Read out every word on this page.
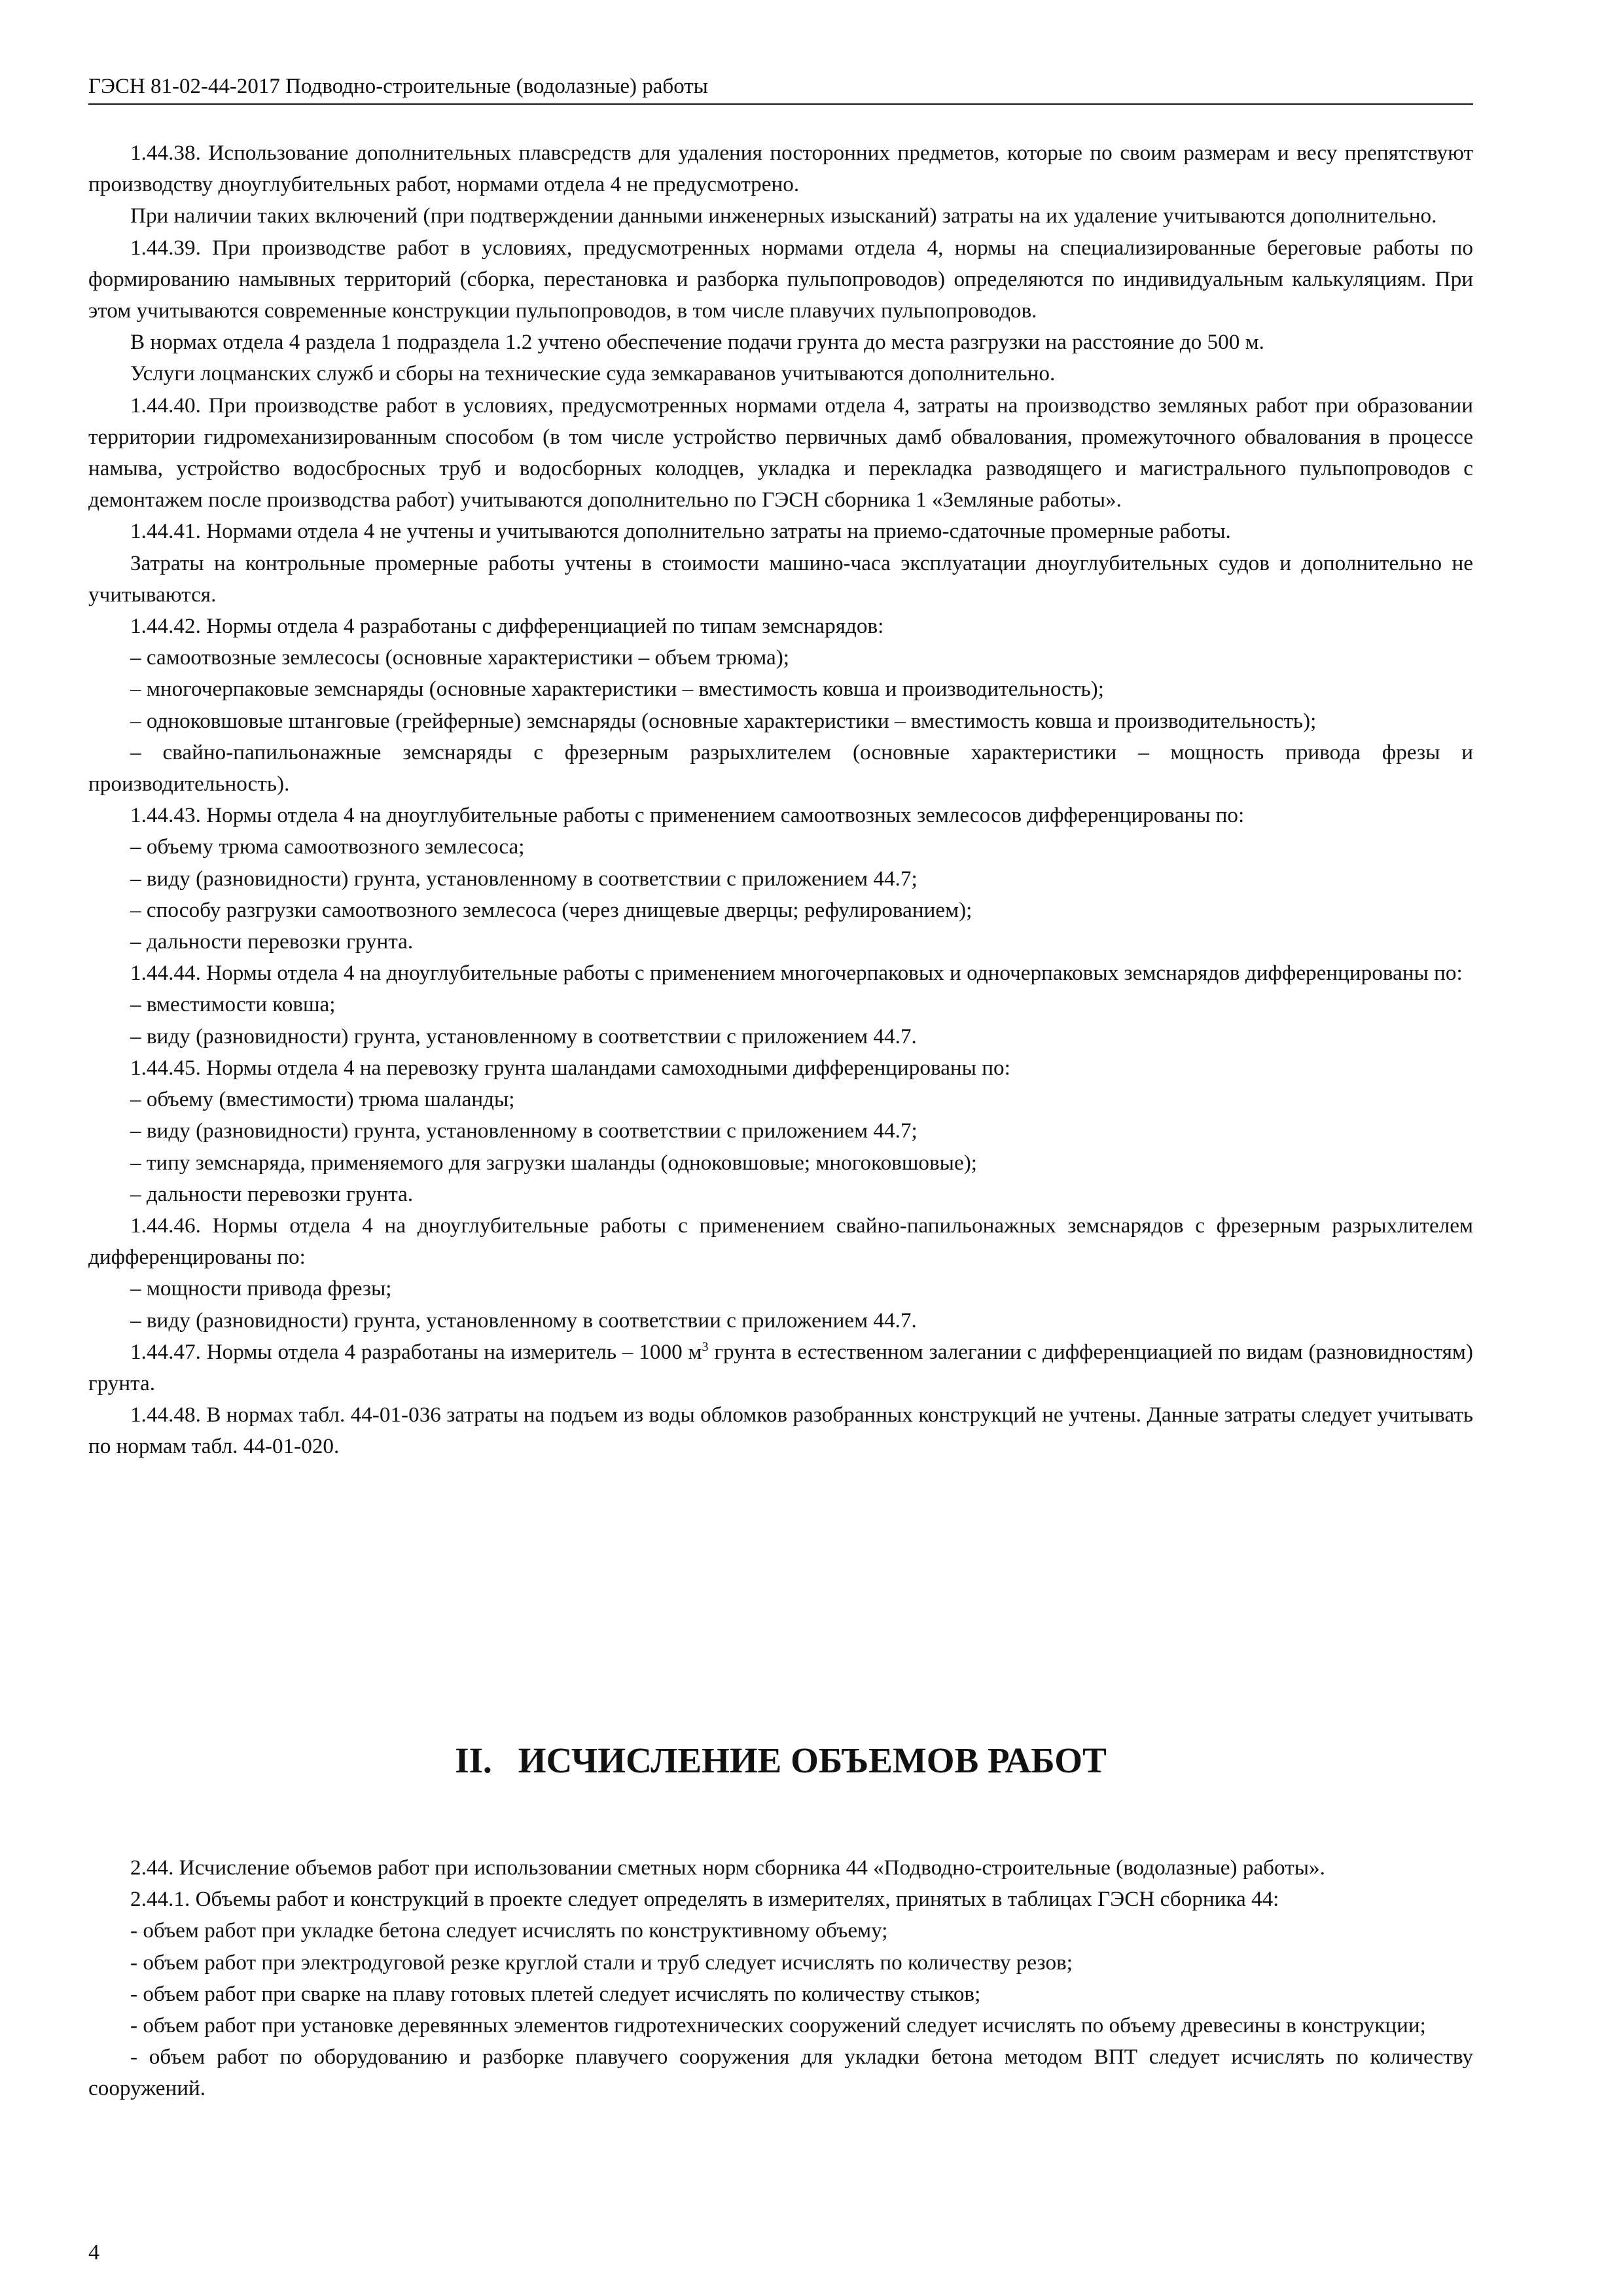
ГЭСН 81-02-44-2017 Подводно-строительные (водолазные) работы

1.44.38. Использование дополнительных плавсредств для удаления посторонних предметов, которые по своим размерам и весу препятствуют производству дноуглубительных работ, нормами отдела 4 не предусмотрено.

При наличии таких включений (при подтверждении данными инженерных изысканий) затраты на их удаление учитываются дополнительно.

1.44.39. При производстве работ в условиях, предусмотренных нормами отдела 4, нормы на специализированные береговые работы по формированию намывных территорий (сборка, перестановка и разборка пульпопроводов) определяются по индивидуальным калькуляциям. При этом учитываются современные конструкции пульпопроводов, в том числе плавучих пульпопроводов.

В нормах отдела 4 раздела 1 подраздела 1.2 учтено обеспечение подачи грунта до места разгрузки на расстояние до 500 м.

Услуги лоцманских служб и сборы на технические суда земкараванов учитываются дополнительно.

1.44.40. При производстве работ в условиях, предусмотренных нормами отдела 4, затраты на производство земляных работ при образовании территории гидромеханизированным способом (в том числе устройство первичных дамб обвалования, промежуточного обвалования в процессе намыва, устройство водосбросных труб и водосборных колодцев, укладка и перекладка разводящего и магистрального пульпопроводов с демонтажем после производства работ) учитываются дополнительно по ГЭСН сборника 1 «Земляные работы».

1.44.41. Нормами отдела 4 не учтены и учитываются дополнительно затраты на приемо-сдаточные промерные работы.

Затраты на контрольные промерные работы учтены в стоимости машино-часа эксплуатации дноуглубительных судов и дополнительно не учитываются.

1.44.42. Нормы отдела 4 разработаны с дифференциацией по типам земснарядов:

– самоотвозные землесосы (основные характеристики – объем трюма);

– многочерпаковые земснаряды (основные характеристики – вместимость ковша и производительность);

– одноковшовые штанговые (грейферные) земснаряды (основные характеристики – вместимость ковша и производительность);

– свайно-папильонажные земснаряды с фрезерным разрыхлителем (основные характеристики – мощность привода фрезы и производительность).

1.44.43. Нормы отдела 4 на дноуглубительные работы с применением самоотвозных землесосов дифференцированы по:

– объему трюма самоотвозного землесоса;

– виду (разновидности) грунта, установленному в соответствии с приложением 44.7;

– способу разгрузки самоотвозного землесоса (через днищевые дверцы; рефулированием);

– дальности перевозки грунта.

1.44.44. Нормы отдела 4 на дноуглубительные работы с применением многочерпаковых и одночерпаковых земснарядов дифференцированы по:

– вместимости ковша;

– виду (разновидности) грунта, установленному в соответствии с приложением 44.7.

1.44.45. Нормы отдела 4 на перевозку грунта шаландами самоходными дифференцированы по:

– объему (вместимости) трюма шаланды;

– виду (разновидности) грунта, установленному в соответствии с приложением 44.7;

– типу земснаряда, применяемого для загрузки шаланды (одноковшовые; многоковшовые);

– дальности перевозки грунта.

1.44.46. Нормы отдела 4 на дноуглубительные работы с применением свайно-папильонажных земснарядов с фрезерным разрыхлителем дифференцированы по:

– мощности привода фрезы;

– виду (разновидности) грунта, установленному в соответствии с приложением 44.7.

1.44.47. Нормы отдела 4 разработаны на измеритель – 1000 $м^3$ грунта в естественном залегании с дифференциацией по видам (разновидностям) грунта.

1.44.48. В нормах табл. 44-01-036 затраты на подъем из воды обломков разобранных конструкций не учтены. Данные затраты следует учитывать по нормам табл. 44-01-020.

II. ИСЧИСЛЕНИЕ ОБЪЕМОВ РАБОТ

2.44. Исчисление объемов работ при использовании сметных норм сборника 44 «Подводно-строительные (водолазные) работы».

2.44.1. Объемы работ и конструкций в проекте следует определять в измерителях, принятых в таблицах ГЭСН сборника 44:

- объем работ при укладке бетона следует исчислять по конструктивному объему;

- объем работ при электродуговой резке круглой стали и труб следует исчислять по количеству резов;

- объем работ при сварке на плаву готовых плетей следует исчислять по количеству стыков;

- объем работ при установке деревянных элементов гидротехнических сооружений следует исчислять по объему древесины в конструкции;

- объем работ по оборудованию и разборке плавучего сооружения для укладки бетона методом ВПТ следует исчислять по количеству сооружений.

4
